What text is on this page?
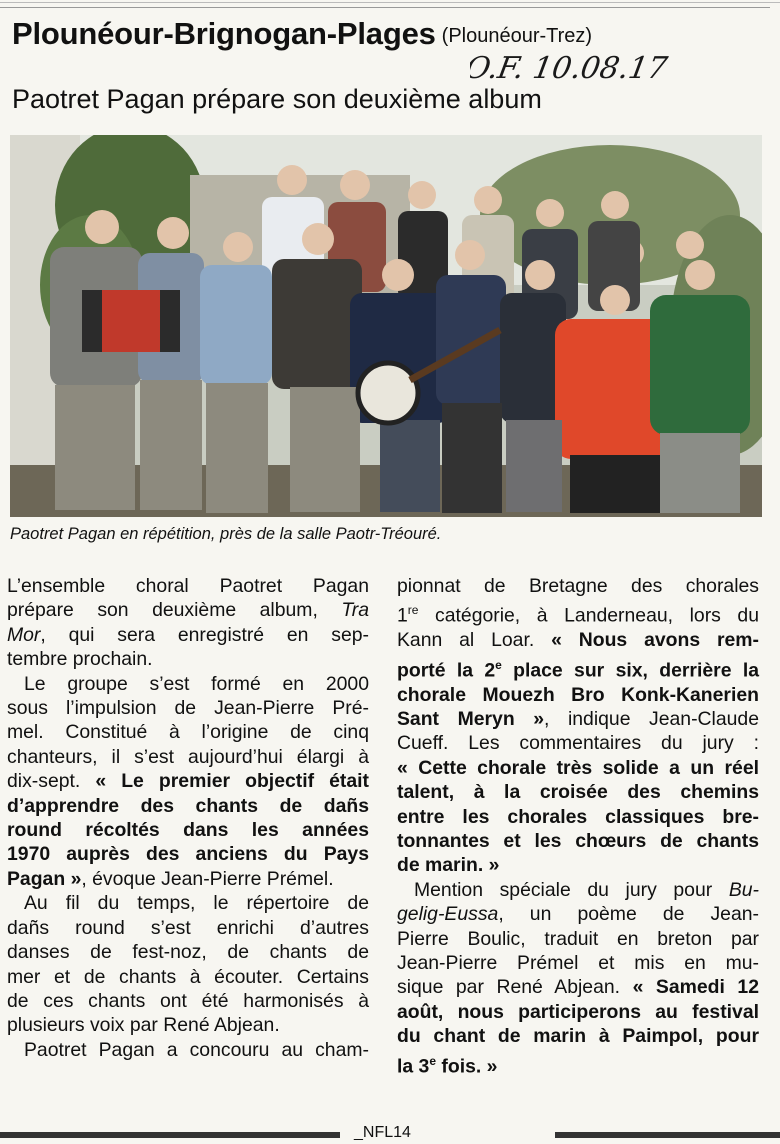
Plounéour-Brignogan-Plages (Plounéour-Trez)
O.F. 10.08.17
Paotret Pagan prépare son deuxième album
Paotret Pagan en répétition, près de la salle Paotr-Tréouré.
L’ensemble choral Paotret Pagan
prépare son deuxième album, Tra
Mor, qui sera enregistré en sep-
tembre prochain.
Le groupe s’est formé en 2000
sous l’impulsion de Jean-Pierre Pré-
mel. Constitué à l’origine de cinq
chanteurs, il s’est aujourd’hui élargi à
dix-sept. « Le premier objectif était
d’apprendre des chants de dañs
round récoltés dans les années
1970 auprès des anciens du Pays
Pagan », évoque Jean-Pierre Prémel.
Au fil du temps, le répertoire de
dañs round s’est enrichi d’autres
danses de fest-noz, de chants de
mer et de chants à écouter. Certains
de ces chants ont été harmonisés à
plusieurs voix par René Abjean.
Paotret Pagan a concouru au cham-
pionnat de Bretagne des chorales
1re catégorie, à Landerneau, lors du
Kann al Loar. « Nous avons rem-
porté la 2e place sur six, derrière la
chorale Mouezh Bro Konk-Kanerien
Sant Meryn », indique Jean-Claude
Cueff. Les commentaires du jury :
« Cette chorale très solide a un réel
talent, à la croisée des chemins
entre les chorales classiques bre-
tonnantes et les chœurs de chants
de marin. »
Mention spéciale du jury pour Bu-
gelig-Eussa, un poème de Jean-
Pierre Boulic, traduit en breton par
Jean-Pierre Prémel et mis en mu-
sique par René Abjean. « Samedi 12
août, nous participerons au festival
du chant de marin à Paimpol, pour
la 3e fois. »
_NFL14
